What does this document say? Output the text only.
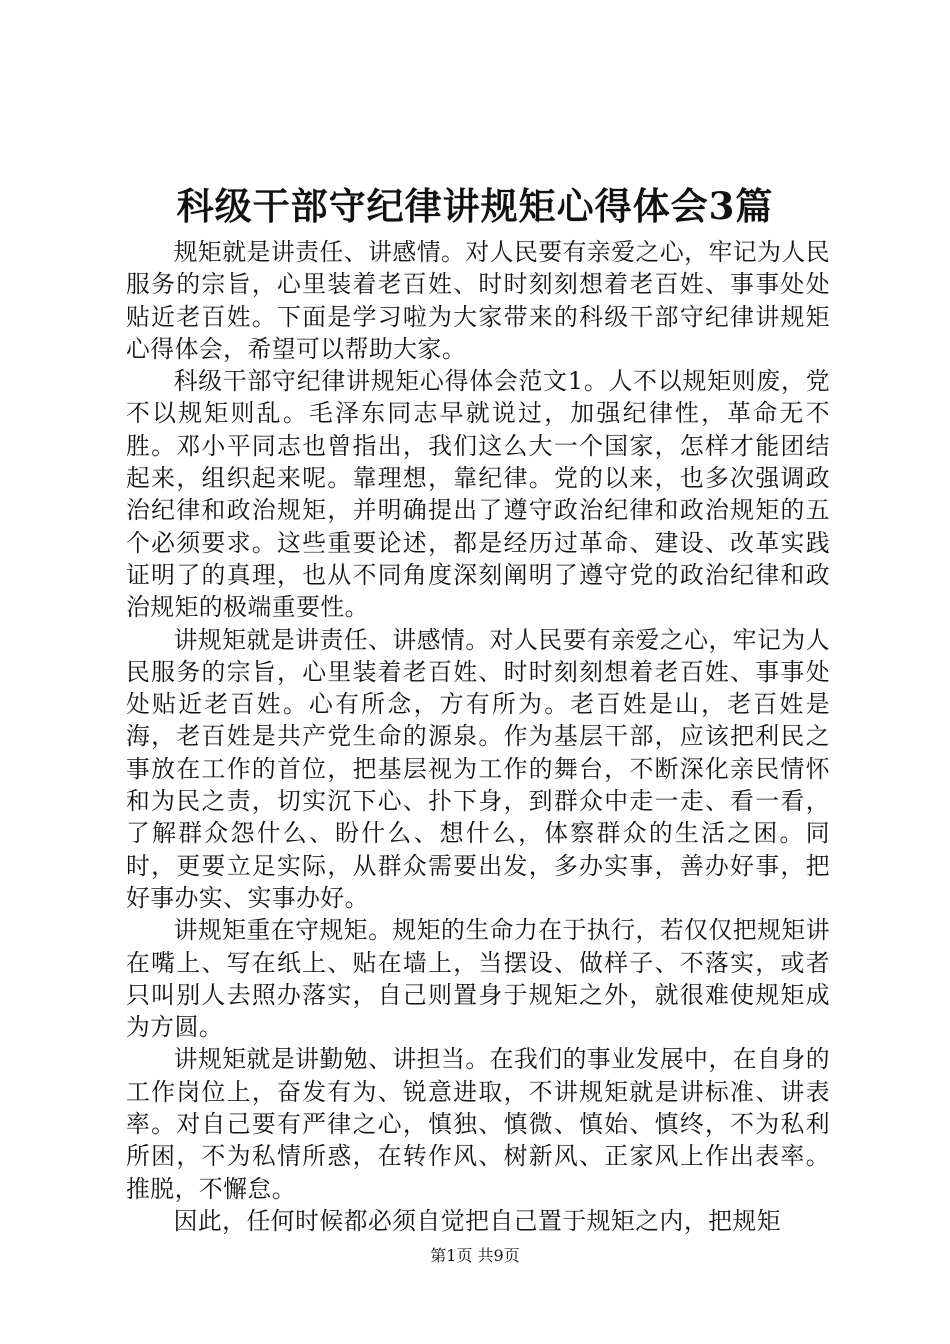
科级干部守纪律讲规矩心得体会3篇

规矩就是讲责任、讲感情。对人民要有亲爱之心，牢记为人民服务的宗旨，心里装着老百姓、时时刻刻想着老百姓、事事处处贴近老百姓。下面是学习啦为大家带来的科级干部守纪律讲规矩心得体会，希望可以帮助大家。

科级干部守纪律讲规矩心得体会范文1。人不以规矩则废，党不以规矩则乱。毛泽东同志早就说过，加强纪律性，革命无不胜。邓小平同志也曾指出，我们这么大一个国家，怎样才能团结起来，组织起来呢。靠理想，靠纪律。党的以来，也多次强调政治纪律和政治规矩，并明确提出了遵守政治纪律和政治规矩的五个必须要求。这些重要论述，都是经历过革命、建设、改革实践证明了的真理，也从不同角度深刻阐明了遵守党的政治纪律和政治规矩的极端重要性。

讲规矩就是讲责任、讲感情。对人民要有亲爱之心，牢记为人民服务的宗旨，心里装着老百姓、时时刻刻想着老百姓、事事处处贴近老百姓。心有所念，方有所为。老百姓是山，老百姓是海，老百姓是共产党生命的源泉。作为基层干部，应该把利民之事放在工作的首位，把基层视为工作的舞台，不断深化亲民情怀和为民之责，切实沉下心、扑下身，到群众中走一走、看一看，了解群众怨什么、盼什么、想什么，体察群众的生活之困。同时，更要立足实际，从群众需要出发，多办实事，善办好事，把好事办实、实事办好。

讲规矩重在守规矩。规矩的生命力在于执行，若仅仅把规矩讲在嘴上、写在纸上、贴在墙上，当摆设、做样子、不落实，或者只叫别人去照办落实，自己则置身于规矩之外，就很难使规矩成为方圆。

讲规矩就是讲勤勉、讲担当。在我们的事业发展中，在自身的工作岗位上，奋发有为、锐意进取，不讲规矩就是讲标准、讲表率。对自己要有严律之心，慎独、慎微、慎始、慎终，不为私利所困，不为私情所惑，在转作风、树新风、正家风上作出表率。推脱，不懈怠。

因此，任何时候都必须自觉把自己置于规矩之内，把规矩

第1页 共9页
